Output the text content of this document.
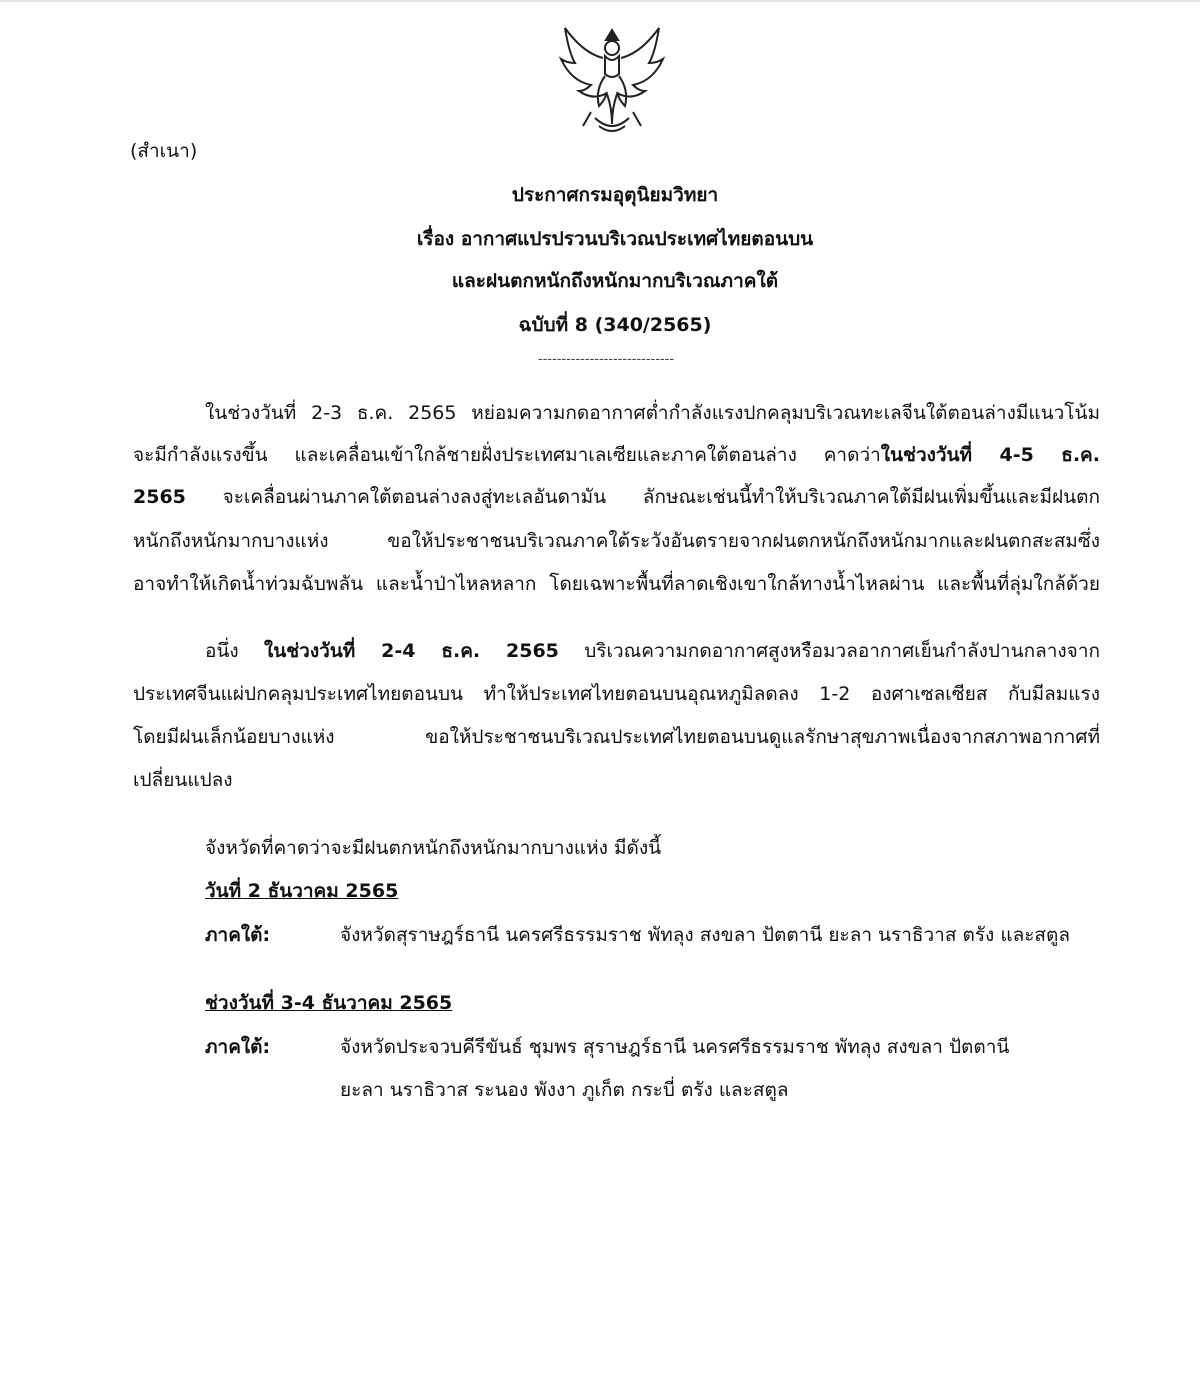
(สำเนา)
ประกาศกรมอุตุนิยมวิทยา
เรื่อง อากาศแปรปรวนบริเวณประเทศไทยตอนบน
และฝนตกหนักถึงหนักมากบริเวณภาคใต้
ฉบับที่ 8 (340/2565)
-----------------------------
ในช่วงวันที่ 2-3 ธ.ค. 2565 หย่อมความกดอากาศต่ำกำลังแรงปกคลุมบริเวณทะเลจีนใต้ตอนล่างมีแนวโน้ม
จะมีกำลังแรงขึ้น และเคลื่อนเข้าใกล้ชายฝั่งประเทศมาเลเซียและภาคใต้ตอนล่าง คาดว่าในช่วงวันที่ 4-5 ธ.ค.
2565 จะเคลื่อนผ่านภาคใต้ตอนล่างลงสู่ทะเลอันดามัน ลักษณะเช่นนี้ทำให้บริเวณภาคใต้มีฝนเพิ่มขึ้นและมีฝนตก
หนักถึงหนักมากบางแห่ง ขอให้ประชาชนบริเวณภาคใต้ระวังอันตรายจากฝนตกหนักถึงหนักมากและฝนตกสะสมซึ่ง
อาจทำให้เกิดน้ำท่วมฉับพลัน และน้ำป่าไหลหลาก โดยเฉพาะพื้นที่ลาดเชิงเขาใกล้ทางน้ำไหลผ่าน และพื้นที่ลุ่มใกล้ด้วย
อนึ่ง ในช่วงวันที่ 2-4 ธ.ค. 2565 บริเวณความกดอากาศสูงหรือมวลอากาศเย็นกำลังปานกลางจาก
ประเทศจีนแผ่ปกคลุมประเทศไทยตอนบน ทำให้ประเทศไทยตอนบนอุณหภูมิลดลง 1-2 องศาเซลเซียส กับมีลมแรง
โดยมีฝนเล็กน้อยบางแห่ง ขอให้ประชาชนบริเวณประเทศไทยตอนบนดูแลรักษาสุขภาพเนื่องจากสภาพอากาศที่
เปลี่ยนแปลง
จังหวัดที่คาดว่าจะมีฝนตกหนักถึงหนักมากบางแห่ง มีดังนี้
วันที่ 2 ธันวาคม 2565
ภาคใต้:	จังหวัดสุราษฎร์ธานี นครศรีธรรมราช พัทลุง สงขลา ปัตตานี ยะลา นราธิวาส ตรัง และสตูล
ช่วงวันที่ 3-4 ธันวาคม 2565
ภาคใต้:	จังหวัดประจวบคีรีขันธ์ ชุมพร สุราษฎร์ธานี นครศรีธรรมราช พัทลุง สงขลา ปัตตานี
ยะลา นราธิวาส ระนอง พังงา ภูเก็ต กระบี่ ตรัง และสตูล
